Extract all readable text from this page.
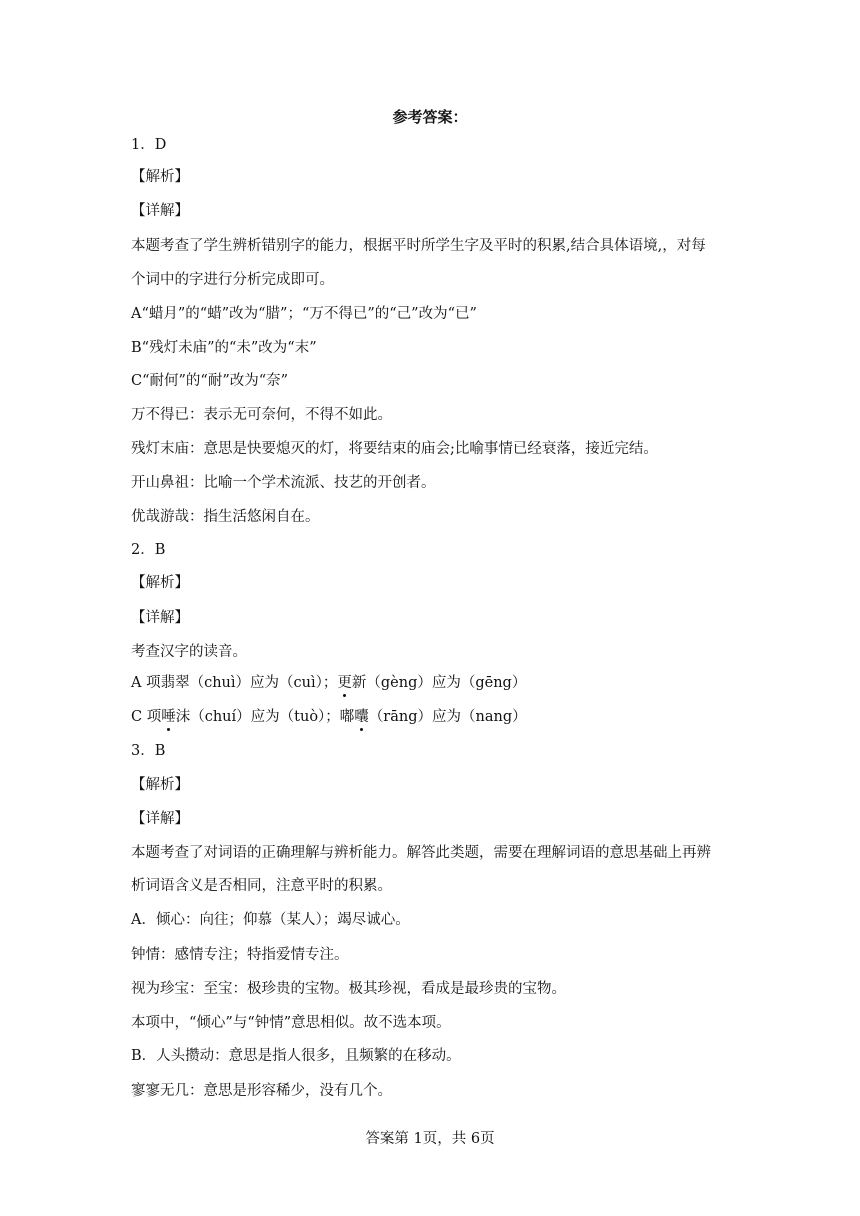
参考答案：
1．D
【解析】
【详解】
本题考查了学生辨析错别字的能力，根据平时所学生字及平时的积累,结合具体语境,，对每
个词中的字进行分析完成即可。
A“蜡月”的“蜡”改为“腊”；“万不得已”的“己”改为“已”
B“残灯未庙”的“未”改为“末”
C“耐何”的“耐”改为“奈”
万不得已：表示无可奈何，不得不如此。
残灯末庙：意思是快要熄灭的灯，将要结束的庙会;比喻事情已经衰落，接近完结。
开山鼻祖：比喻一个学术流派、技艺的开创者。
优哉游哉：指生活悠闲自在。
2．B
【解析】
【详解】
考查汉字的读音。
A 项翡翠（chuì）应为（cuì）；更新（gèng）应为（gēng）
C 项唾沫（chuí）应为（tuò）；嘟囔（rāng）应为（nang）
3．B
【解析】
【详解】
本题考查了对词语的正确理解与辨析能力。解答此类题，需要在理解词语的意思基础上再辨
析词语含义是否相同，注意平时的积累。
A．倾心：向往；仰慕（某人）；竭尽诚心。
钟情：感情专注；特指爱情专注。
视为珍宝：至宝：极珍贵的宝物。极其珍视，看成是最珍贵的宝物。
本项中，“倾心”与“钟情”意思相似。故不选本项。
B．人头攒动：意思是指人很多，且频繁的在移动。
寥寥无几：意思是形容稀少，没有几个。
答案第 1页，共 6页
